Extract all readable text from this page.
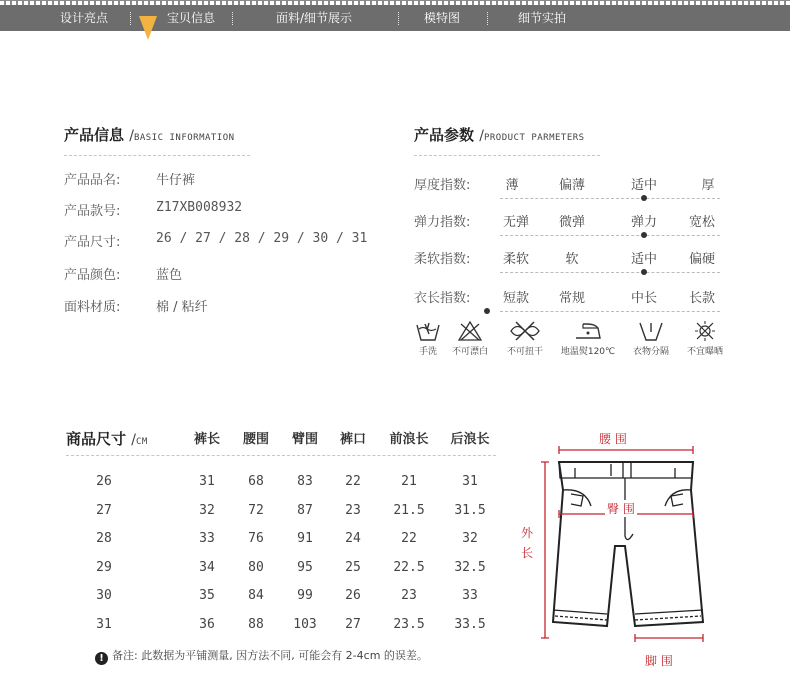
设计亮点	宝贝信息	面料/细节展示	模特图	细节实拍
产品信息 /BASIC INFORMATION
产品品名:	牛仔裤
产品款号:	Z17XB008932
产品尺寸:	26 / 27 / 28 / 29 / 30 / 31
产品颜色:	蓝色
面料材质:	棉 / 粘纤
产品参数 /PRODUCT PARMETERS
厚度指数:	薄	偏薄	适中	厚
弹力指数:	无弹	微弹	弹力	宽松
柔软指数:	柔软	软	适中	偏硬
衣长指数:	短款	常规	中长	长款
手洗	不可漂白	不可扭干	地温熨120℃	衣物分隔	不宜曝晒
商品尺寸 /CM	裤长	腰围	臂围	裤口	前浪长	后浪长
26	31	68	83	22	21	31
27	32	72	87	23	21.5	31.5
28	33	76	91	24	22	32
29	34	80	95	25	22.5	32.5
30	35	84	99	26	23	33
31	36	88	103	27	23.5	33.5
! 备注: 此数据为平铺测量, 因方法不同, 可能会有 2-4cm 的误差。
腰 围
臀 围
外
长
脚 围
